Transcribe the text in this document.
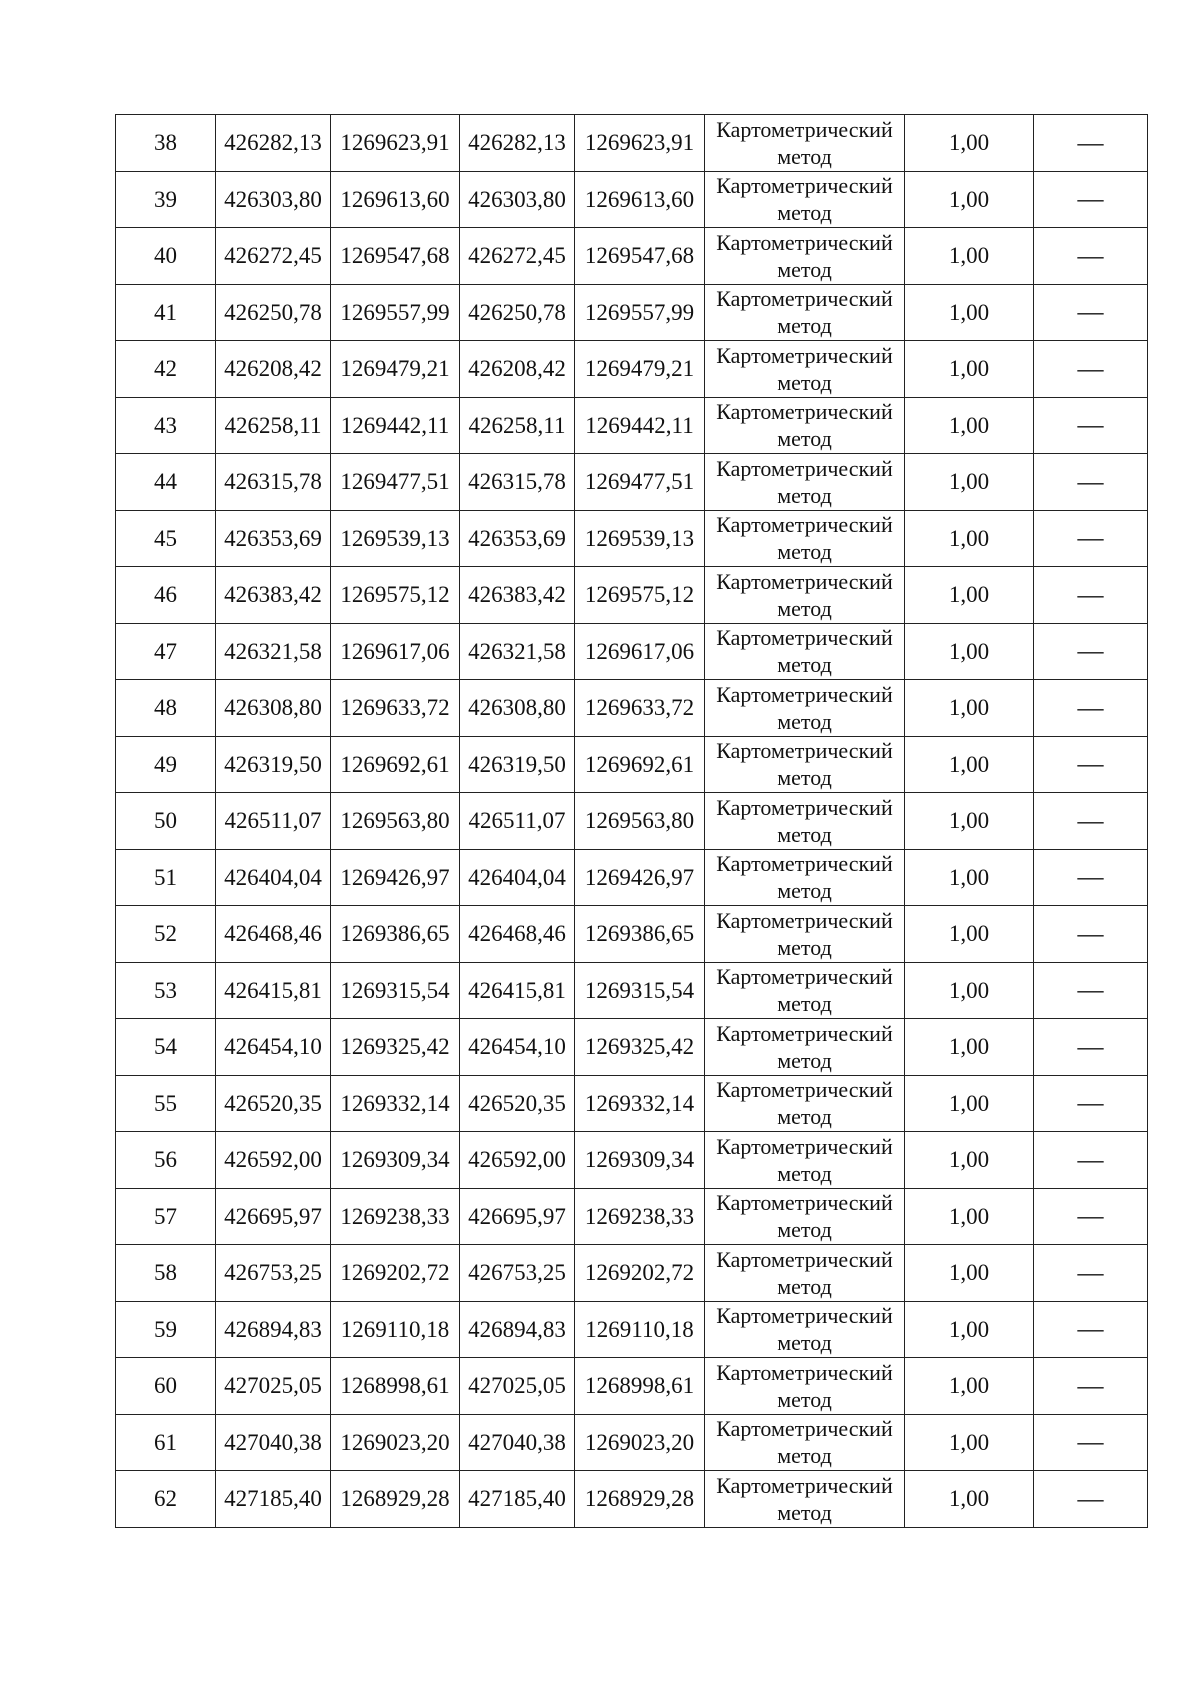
38	426282,13	1269623,91	426282,13	1269623,91	Картометрический
метод	1,00	—
39	426303,80	1269613,60	426303,80	1269613,60	Картометрический
метод	1,00	—
40	426272,45	1269547,68	426272,45	1269547,68	Картометрический
метод	1,00	—
41	426250,78	1269557,99	426250,78	1269557,99	Картометрический
метод	1,00	—
42	426208,42	1269479,21	426208,42	1269479,21	Картометрический
метод	1,00	—
43	426258,11	1269442,11	426258,11	1269442,11	Картометрический
метод	1,00	—
44	426315,78	1269477,51	426315,78	1269477,51	Картометрический
метод	1,00	—
45	426353,69	1269539,13	426353,69	1269539,13	Картометрический
метод	1,00	—
46	426383,42	1269575,12	426383,42	1269575,12	Картометрический
метод	1,00	—
47	426321,58	1269617,06	426321,58	1269617,06	Картометрический
метод	1,00	—
48	426308,80	1269633,72	426308,80	1269633,72	Картометрический
метод	1,00	—
49	426319,50	1269692,61	426319,50	1269692,61	Картометрический
метод	1,00	—
50	426511,07	1269563,80	426511,07	1269563,80	Картометрический
метод	1,00	—
51	426404,04	1269426,97	426404,04	1269426,97	Картометрический
метод	1,00	—
52	426468,46	1269386,65	426468,46	1269386,65	Картометрический
метод	1,00	—
53	426415,81	1269315,54	426415,81	1269315,54	Картометрический
метод	1,00	—
54	426454,10	1269325,42	426454,10	1269325,42	Картометрический
метод	1,00	—
55	426520,35	1269332,14	426520,35	1269332,14	Картометрический
метод	1,00	—
56	426592,00	1269309,34	426592,00	1269309,34	Картометрический
метод	1,00	—
57	426695,97	1269238,33	426695,97	1269238,33	Картометрический
метод	1,00	—
58	426753,25	1269202,72	426753,25	1269202,72	Картометрический
метод	1,00	—
59	426894,83	1269110,18	426894,83	1269110,18	Картометрический
метод	1,00	—
60	427025,05	1268998,61	427025,05	1268998,61	Картометрический
метод	1,00	—
61	427040,38	1269023,20	427040,38	1269023,20	Картометрический
метод	1,00	—
62	427185,40	1268929,28	427185,40	1268929,28	Картометрический
метод	1,00	—
